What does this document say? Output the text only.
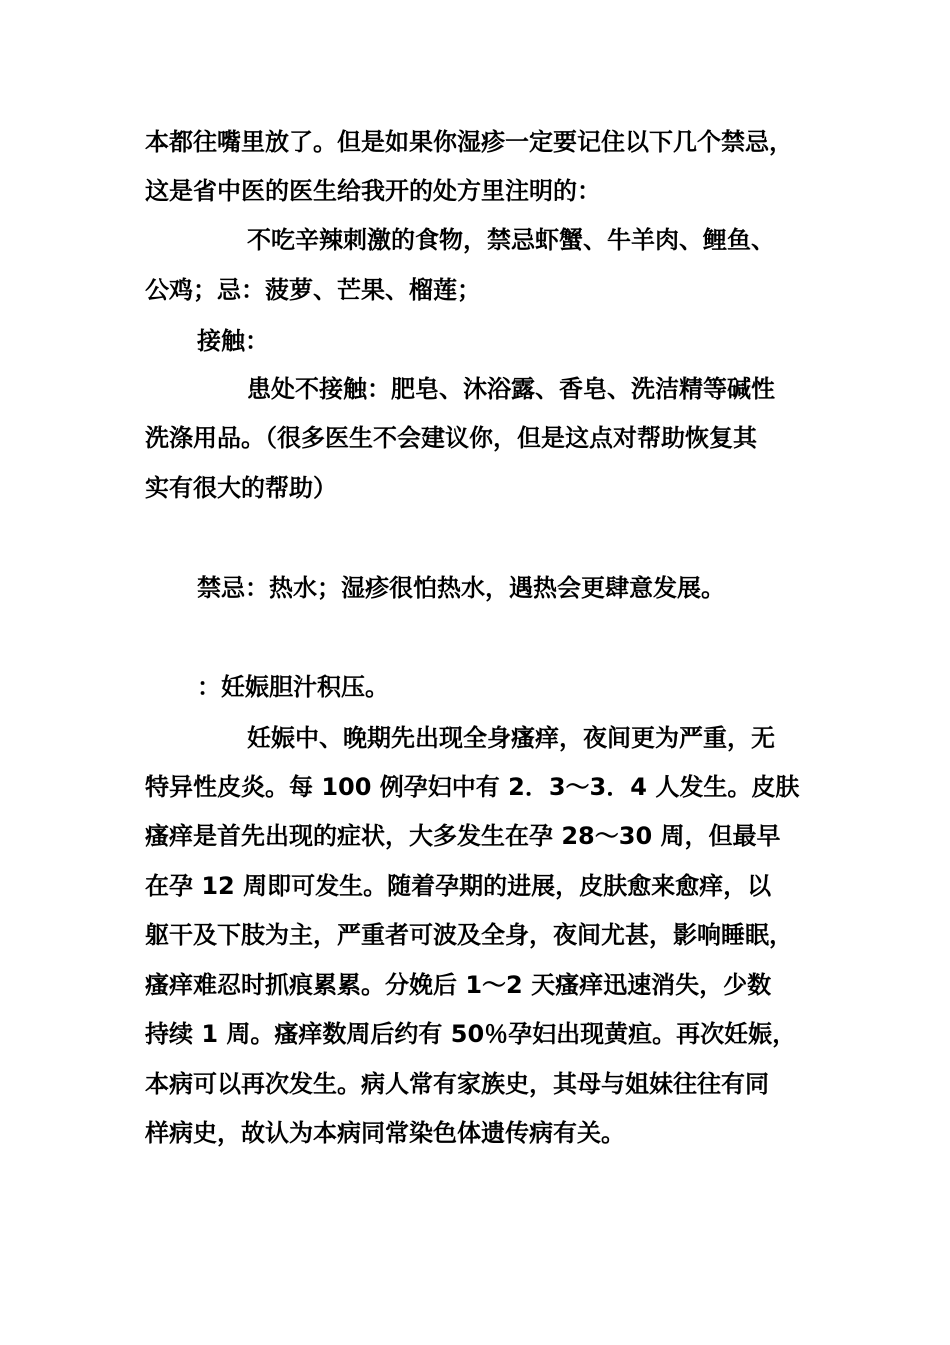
本都往嘴里放了。但是如果你湿疹一定要记住以下几个禁忌，
这是省中医的医生给我开的处方里注明的：
不吃辛辣刺激的食物，禁忌虾蟹、牛羊肉、鲤鱼、
公鸡；忌：菠萝、芒果、榴莲；
接触：
患处不接触：肥皂、沐浴露、香皂、洗洁精等碱性
洗涤用品。（很多医生不会建议你，但是这点对帮助恢复其
实有很大的帮助）
禁忌：热水；湿疹很怕热水，遇热会更肆意发展。
：妊娠胆汁积压。
妊娠中、晚期先出现全身瘙痒，夜间更为严重，无
特异性皮炎。每 100 例孕妇中有 2．3～3．4 人发生。皮肤
瘙痒是首先出现的症状，大多发生在孕 28～30 周，但最早
在孕 12 周即可发生。随着孕期的进展，皮肤愈来愈痒，以
躯干及下肢为主，严重者可波及全身，夜间尤甚，影响睡眠，
瘙痒难忍时抓痕累累。分娩后 1～2 天瘙痒迅速消失，少数
持续 1 周。瘙痒数周后约有 50％孕妇出现黄疸。再次妊娠，
本病可以再次发生。病人常有家族史，其母与姐妹往往有同
样病史，故认为本病同常染色体遗传病有关。
